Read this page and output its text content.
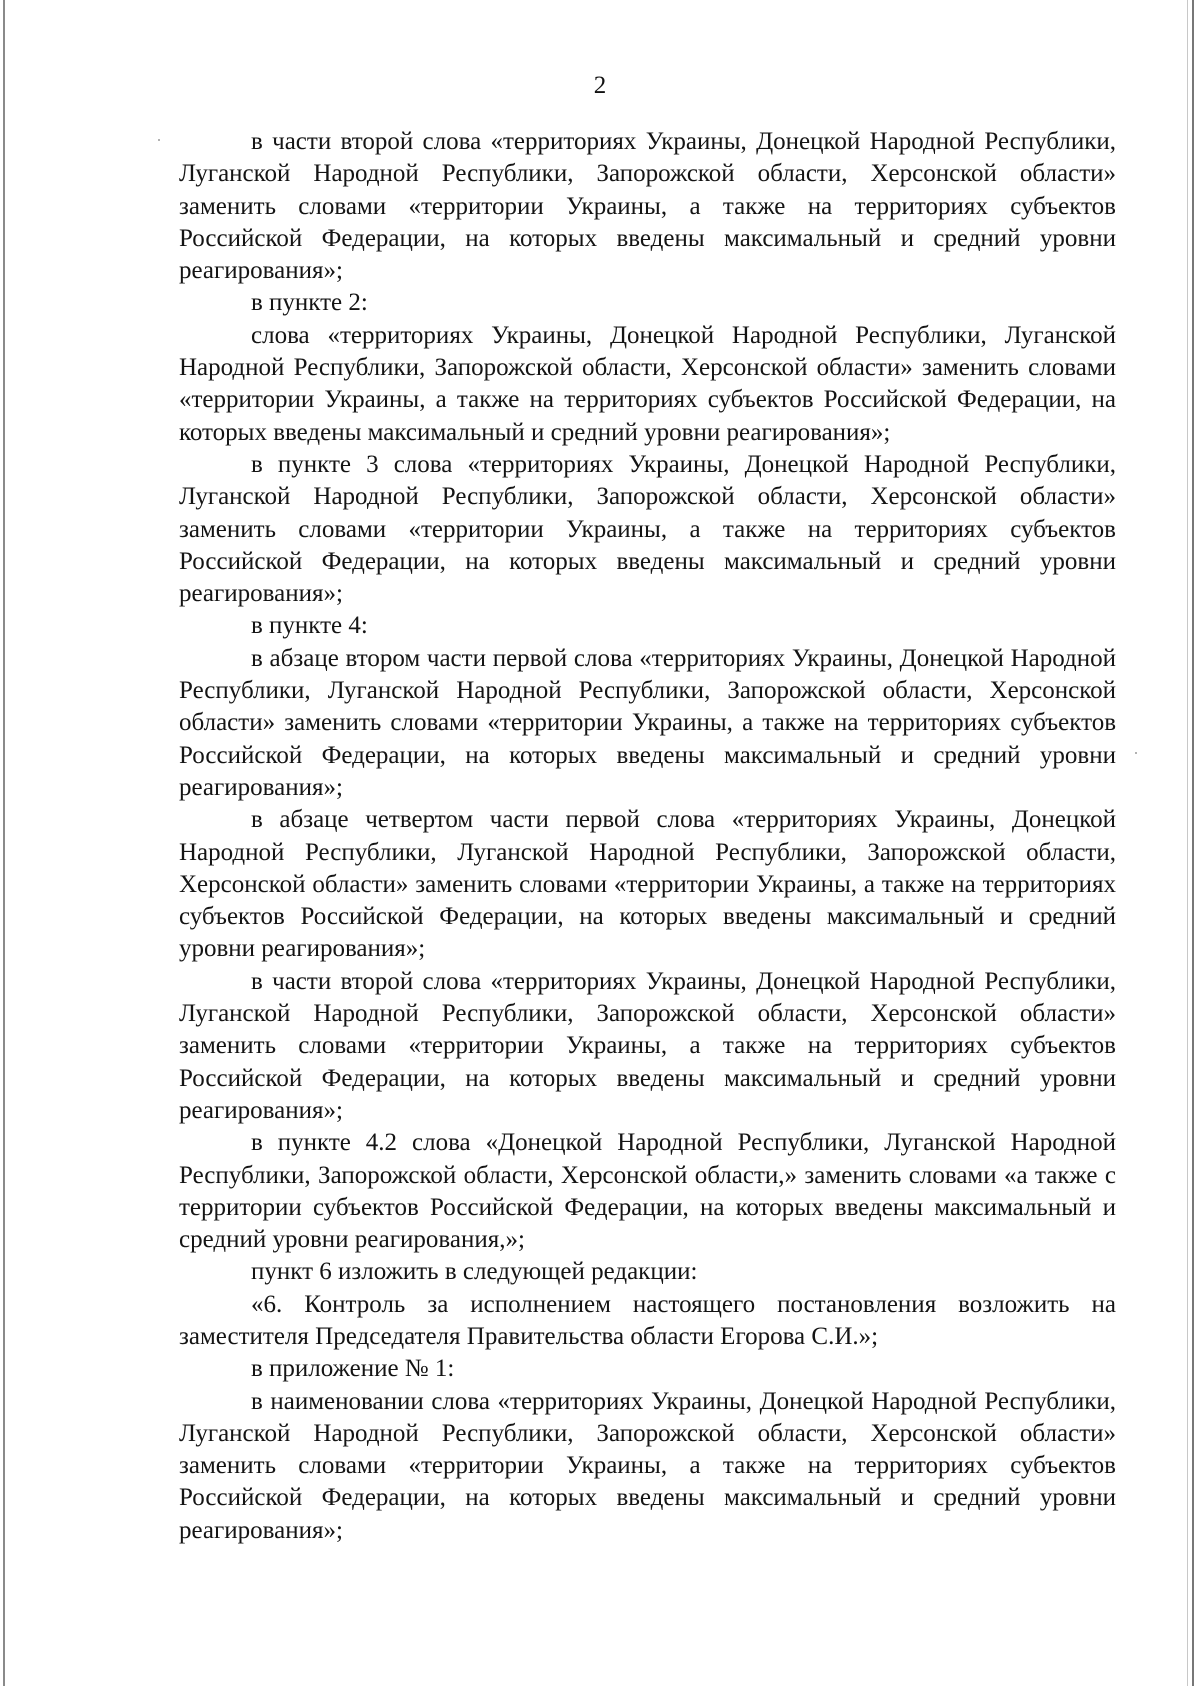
2

в части второй слова «территориях Украины, Донецкой Народной Республики, Луганской Народной Республики, Запорожской области, Херсонской области» заменить словами «территории Украины, а также на территориях субъектов Российской Федерации, на которых введены максимальный и средний уровни реагирования»;

в пункте 2:

слова «территориях Украины, Донецкой Народной Республики, Луганской Народной Республики, Запорожской области, Херсонской области» заменить словами «территории Украины, а также на территориях субъектов Российской Федерации, на которых введены максимальный и средний уровни реагирования»;

в пункте 3 слова «территориях Украины, Донецкой Народной Республики, Луганской Народной Республики, Запорожской области, Херсонской области» заменить словами «территории Украины, а также на территориях субъектов Российской Федерации, на которых введены максимальный и средний уровни реагирования»;

в пункте 4:

в абзаце втором части первой слова «территориях Украины, Донецкой Народной Республики, Луганской Народной Республики, Запорожской области, Херсонской области» заменить словами «территории Украины, а также на территориях субъектов Российской Федерации, на которых введены максимальный и средний уровни реагирования»;

в абзаце четвертом части первой слова «территориях Украины, Донецкой Народной Республики, Луганской Народной Республики, Запорожской области, Херсонской области» заменить словами «территории Украины, а также на территориях субъектов Российской Федерации, на которых введены максимальный и средний уровни реагирования»;

в части второй слова «территориях Украины, Донецкой Народной Республики, Луганской Народной Республики, Запорожской области, Херсонской области» заменить словами «территории Украины, а также на территориях субъектов Российской Федерации, на которых введены максимальный и средний уровни реагирования»;

в пункте 4.2 слова «Донецкой Народной Республики, Луганской Народной Республики, Запорожской области, Херсонской области,» заменить словами «а также с территории субъектов Российской Федерации, на которых введены максимальный и средний уровни реагирования,»;

пункт 6 изложить в следующей редакции:

«6. Контроль за исполнением настоящего постановления возложить на заместителя Председателя Правительства области Егорова С.И.»;

в приложение № 1:

в наименовании слова «территориях Украины, Донецкой Народной Республики, Луганской Народной Республики, Запорожской области, Херсонской области» заменить словами «территории Украины, а также на территориях субъектов Российской Федерации, на которых введены максимальный и средний уровни реагирования»;
